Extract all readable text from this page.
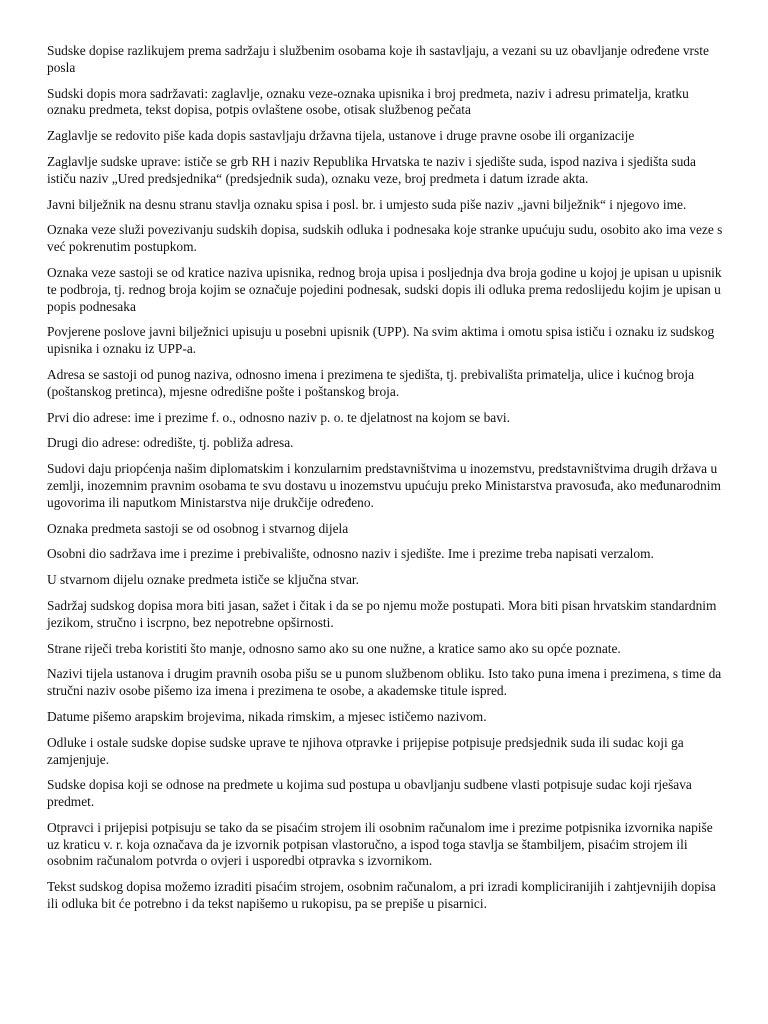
Sudske dopise razlikujem prema sadržaju i službenim osobama koje ih sastavljaju, a vezani su uz obavljanje određene vrste posla

Sudski dopis mora sadržavati: zaglavlje, oznaku veze-oznaka upisnika i broj predmeta, naziv i adresu primatelja, kratku oznaku predmeta, tekst dopisa, potpis ovlaštene osobe, otisak službenog pečata

Zaglavlje se redovito piše kada dopis sastavljaju državna tijela, ustanove i druge pravne osobe ili organizacije

Zaglavlje sudske uprave: ističe se grb RH i naziv Republika Hrvatska te naziv i sjedište suda, ispod naziva i sjedišta suda ističu naziv „Ured predsjednika“ (predsjednik suda), oznaku veze, broj predmeta i datum izrade akta.

Javni bilježnik na desnu stranu stavlja oznaku spisa i posl. br. i umjesto suda piše naziv „javni bilježnik“ i njegovo ime.

Oznaka veze služi povezivanju sudskih dopisa, sudskih odluka i podnesaka koje stranke upućuju sudu, osobito ako ima veze s već pokrenutim postupkom.

Oznaka veze sastoji se od kratice naziva upisnika, rednog broja upisa i posljednja dva broja godine u kojoj je upisan u upisnik te podbroja, tj. rednog broja kojim se označuje pojedini podnesak, sudski dopis ili odluka prema redoslijedu kojim je upisan u popis podnesaka

Povjerene poslove javni bilježnici upisuju u posebni upisnik (UPP). Na svim aktima i omotu spisa ističu i oznaku iz sudskog upisnika i oznaku iz UPP-a.

Adresa se sastoji od punog naziva, odnosno imena i prezimena te sjedišta, tj. prebivališta primatelja, ulice i kućnog broja (poštanskog pretinca), mjesne odredišne pošte i poštanskog broja.

Prvi dio adrese: ime i prezime f. o., odnosno naziv p. o. te djelatnost na kojom se bavi.

Drugi dio adrese: odredište, tj. pobliža adresa.

Sudovi daju priopćenja našim diplomatskim i konzularnim predstavništvima u inozemstvu, predstavništvima drugih država u zemlji, inozemnim pravnim osobama te svu dostavu u inozemstvu upućuju preko Ministarstva pravosuđa, ako međunarodnim ugovorima ili naputkom Ministarstva nije drukčije određeno.

Oznaka predmeta sastoji se od osobnog i stvarnog dijela

Osobni dio sadržava ime i prezime i prebivalište, odnosno naziv i sjedište. Ime i prezime treba napisati verzalom.

U stvarnom dijelu oznake predmeta ističe se ključna stvar.

Sadržaj sudskog dopisa mora biti jasan, sažet i čitak i da se po njemu može postupati. Mora biti pisan hrvatskim standardnim jezikom, stručno i iscrpno, bez nepotrebne opširnosti.

Strane riječi treba koristiti što manje, odnosno samo ako su one nužne, a kratice samo ako su opće poznate.

Nazivi tijela ustanova i drugim pravnih osoba pišu se u punom službenom obliku. Isto tako puna imena i prezimena, s time da stručni naziv osobe pišemo iza imena i prezimena te osobe, a akademske titule ispred.

Datume pišemo arapskim brojevima, nikada rimskim, a mjesec ističemo nazivom.

Odluke i ostale sudske dopise sudske uprave te njihova otpravke i prijepise potpisuje predsjednik suda ili sudac koji ga zamjenjuje.

Sudske dopisa koji se odnose na predmete u kojima sud postupa u obavljanju sudbene vlasti potpisuje sudac koji rješava predmet.

Otpravci i prijepisi potpisuju se tako da se pisaćim strojem ili osobnim računalom ime i prezime potpisnika izvornika napiše uz kraticu v. r. koja označava da je izvornik potpisan vlastoručno, a ispod toga stavlja se štambiljem, pisaćim strojem ili osobnim računalom potvrda o ovjeri i usporedbi otpravka s izvornikom.

Tekst sudskog dopisa možemo izraditi pisaćim strojem, osobnim računalom, a pri izradi kompliciranijih i zahtjevnijih dopisa ili odluka bit će potrebno i da tekst napišemo u rukopisu, pa se prepiše u pisarnici.
